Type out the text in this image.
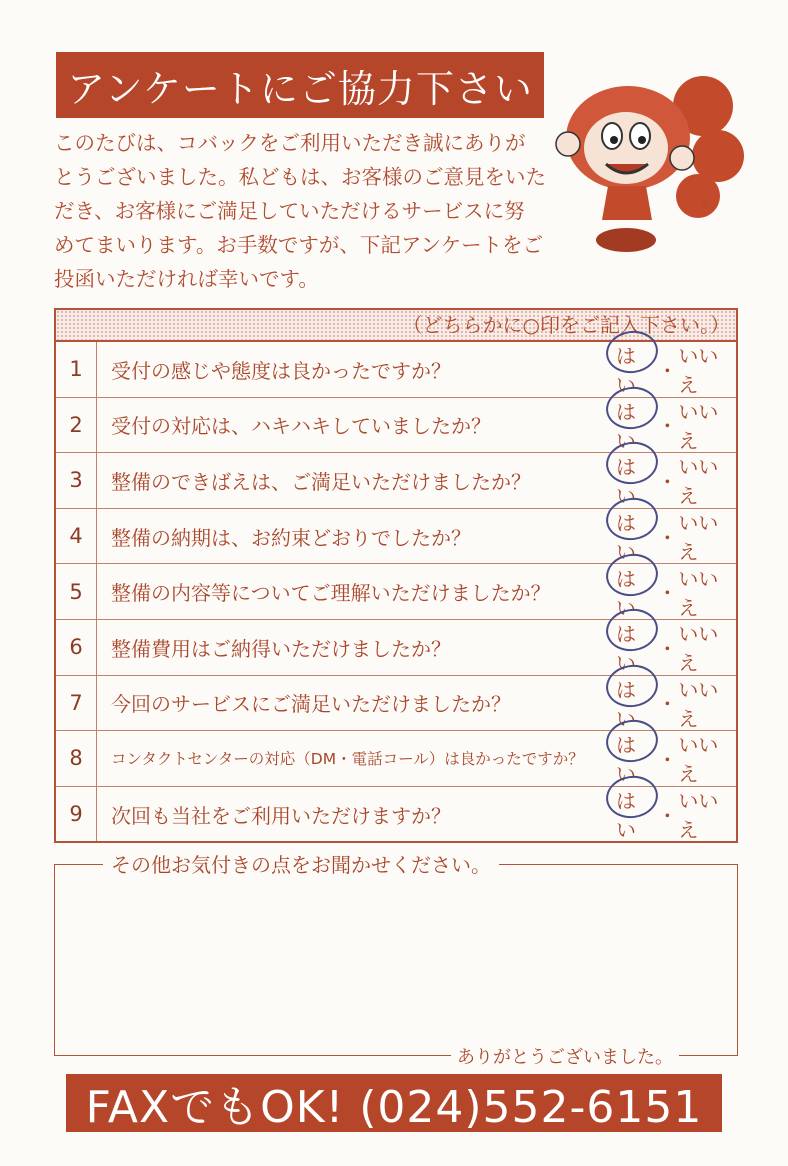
アンケートにご協力下さい

このたびは、コバックをご利用いただき誠にありが

とうございました。私どもは、お客様のご意見をいた

だき、お客様にご満足していただけるサービスに努

めてまいります。お手数ですが、下記アンケートをご

投函いただければ幸いです。

®
（どちらかに○印をご記入下さい。）
1	受付の感じや態度は良かったですか？
はい
・
いいえ
2	受付の対応は、ハキハキしていましたか？
はい
・
いいえ
3	整備のできばえは、ご満足いただけましたか？
はい
・
いいえ
4	整備の納期は、お約束どおりでしたか？
はい
・
いいえ
5	整備の内容等についてご理解いただけましたか？
はい
・
いいえ
6	整備費用はご納得いただけましたか？
はい
・
いいえ
7	今回のサービスにご満足いただけましたか？
はい
・
いいえ
8	コンタクトセンターの対応（DM・電話コール）は良かったですか？
はい
・
いいえ
9	次回も当社をご利用いただけますか？
はい
・
いいえ
その他お気付きの点をお聞かせください。
ありがとうございました。
FAXでもOK! (024)552-6151
